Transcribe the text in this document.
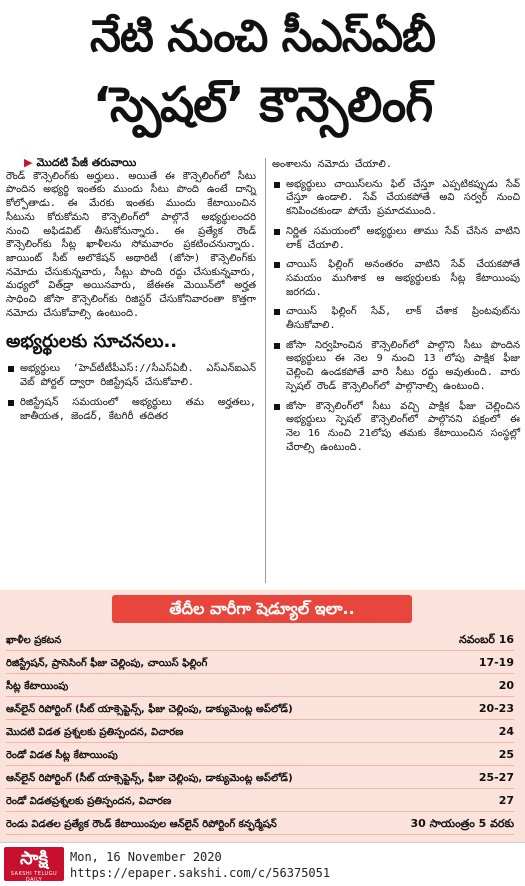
నేటి నుంచి సీఎస్‌ఏబీ
‘స్పెషల్‌’ కౌన్సెలింగ్‌
▶ మొదటి పేజీ తరువాయి

రౌండ్ కౌన్సెలింగ్‌కు అర్హులు. అయితే ఈ కౌన్సెలింగ్‌లో సీటు పొందిన అభ్యర్థి ఇంతకు ముందు సీటు పొంది ఉంటే దాన్ని కోల్పోతాడు. ఈ మేరకు ఇంతకు ముందు కేటాయించిన సీటును కోరుకోమని కౌన్సెలింగ్‌లో పాల్గొనే అభ్యర్థులందరి నుంచి అఫిడవిట్ తీసుకోనున్నారు. ఈ ప్రత్యేక రౌండ్ కౌన్సెలింగ్‌కు సీట్ల ఖాళీలను సోమవారం ప్రకటించనున్నారు. జాయింట్ సీట్ అలొకేషన్ అథారిటీ (జోసా) కౌన్సెలింగ్‌కు నమోదు చేసుకున్నవారు, సీట్లు పొంది రద్దు చేసుకున్నవారు, మధ్యలో విత్‌డ్రా అయినవారు, జేఈఈ మెయిన్‌లో అర్హత సాధించి జోసా కౌన్సెలింగ్‌కు రిజిస్టర్ చేసుకోనివారంతా కొత్తగా నమోదు చేసుకోవాల్సి ఉంటుంది.

అభ్యర్థులకు సూచనలు..
అభ్యర్థులు ‘హెచ్‌టీటీపీఎస్://సీఎస్‌ఏబీ. ఎస్‌ఎన్‌ఐఎన్ వెబ్ పోర్టల్ ద్వారా రిజిస్ట్రేషన్ చేసుకోవాలి.
రిజిస్ట్రేషన్ సమయంలో అభ్యర్థులు తమ అర్హతలు, జాతీయత, జెండర్, కేటగిరీ తదితర

అంశాలను నమోదు చేయాలి.

అభ్యర్థులు చాయిస్‌లను ఫిల్ చేస్తూ ఎప్పటికప్పుడు సేవ్ చేస్తూ ఉండాలి. సేవ్ చేయకపోతే అవి సర్వర్ నుంచి కనిపించకుండా పోయే ప్రమాదముంది.
నిర్ణిత సమయంలో అభ్యర్థులు తాము సేవ్ చేసిన వాటిని లాక్ చేయాలి.
చాయిస్ ఫిల్లింగ్ అనంతరం వాటిని సేవ్ చేయకపోతే సమయం ముగిశాక ఆ అభ్యర్థులకు సీట్ల కేటాయింపు జరగదు.
చాయిస్ ఫిల్లింగ్ సేవ్, లాక్ చేశాక ప్రింటవుట్‌ను తీసుకోవాలి.
జోసా నిర్వహించిన కౌన్సెలింగ్‌లో పాల్గొని సీటు పొందిన అభ్యర్థులు ఈ నెల 9 నుంచి 13 లోపు పాక్షిక ఫీజు చెల్లించి ఉండకపోతే వారి సీటు రద్దు అవుతుంది. వారు స్పెషల్ రౌండ్ కౌన్సెలింగ్‌లో పాల్గొనాల్సి ఉంటుంది.
జోసా కౌన్సెలింగ్‌లో సీటు వచ్చి పాక్షిక ఫీజు చెల్లించిన అభ్యర్థులు స్పెషల్ కౌన్సెలింగ్‌లో పాల్గొనని పక్షంలో ఈ నెల 16 నుంచి 21లోపు తమకు కేటాయించిన సంస్థల్లో చేరాల్సి ఉంటుంది.
తేదీల వారీగా షెడ్యూల్ ఇలా..
ఖాళీల ప్రకటన	నవంబర్ 16
రిజిస్ట్రేషన్, ప్రాసెసింగ్ ఫీజు చెల్లింపు, చాయిస్ ఫిల్లింగ్	17-19
సీట్ల కేటాయింపు	20
ఆన్‌లైన్ రిపోర్టింగ్ (సీట్ యాక్సెప్టెన్స్, ఫీజు చెల్లింపు, డాక్యుమెంట్ల అప్‌లోడ్)	20-23
మొదటి విడత ప్రశ్నలకు ప్రతిస్పందన, విచారణ	24
రెండో విడత సీట్ల కేటాయింపు	25
ఆన్‌లైన్ రిపోర్టింగ్ (సీట్ యాక్సెప్టెన్స్, ఫీజు చెల్లింపు, డాక్యుమెంట్ల అప్‌లోడ్)	25-27
రెండో విడతప్రశ్నలకు ప్రతిస్పందన, విచారణ	27
రెండు విడతల ప్రత్యేక రౌండ్ కేటాయింపుల ఆన్‌లైన్ రిపోర్టింగ్ కన్ఫర్మేషన్	30 సాయంత్రం 5 వరకు
సాక్షి
SAKSHI TELUGU DAILY
Mon, 16 November 2020
https://epaper.sakshi.com/c/56375051
